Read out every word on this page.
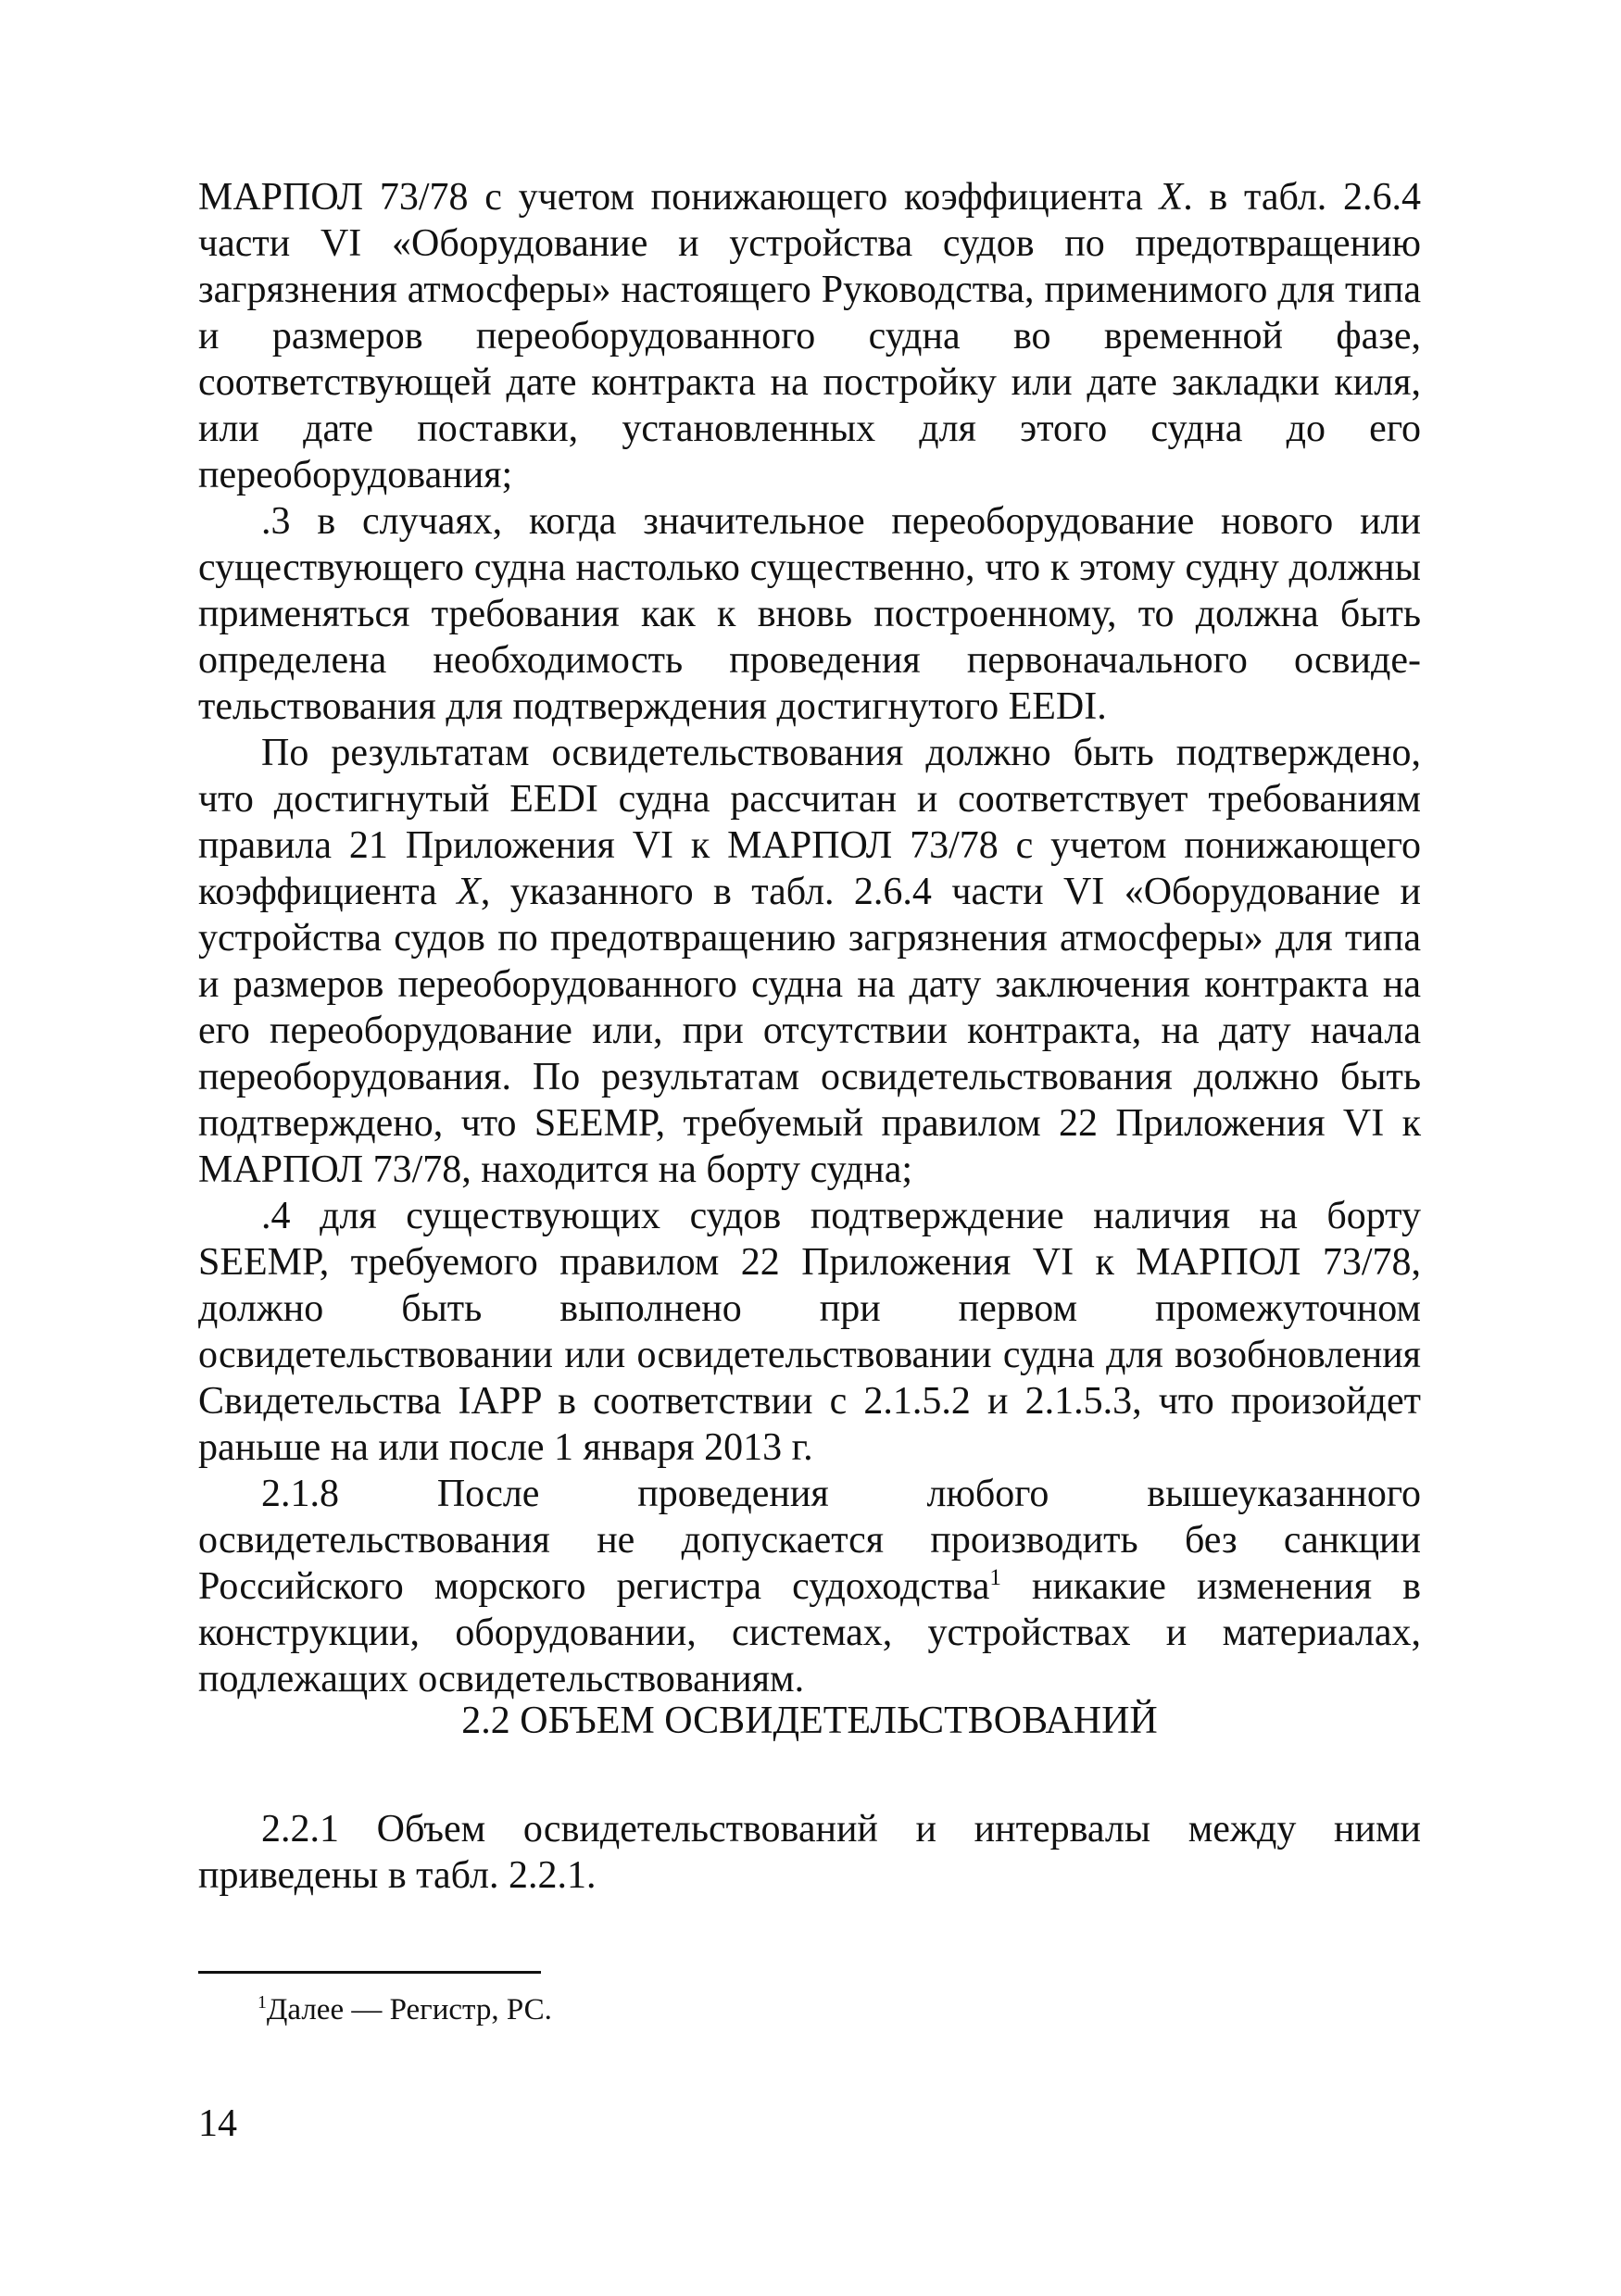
МАРПОЛ 73/78 с учетом понижающего коэффициента X. в табл. 2.6.4 части VI «Оборудование и устройства судов по предотвращению загрязнения атмосферы» настоящего Руководства, применимого для типа и размеров переоборудованного судна во временной фазе, соответствующей дате контракта на постройку или дате закладки киля, или дате поставки, установленных для этого судна до его переоборудования;

.3 в случаях, когда значительное переоборудование нового или существующего судна настолько существенно, что к этому судну должны применяться требования как к вновь построенному, то должна быть определена необходимость проведения первоначального освидетельствования для подтверждения достигнутого EEDI.

По результатам освидетельствования должно быть подтверждено, что достигнутый EEDI судна рассчитан и соответствует требованиям правила 21 Приложения VI к МАРПОЛ 73/78 с учетом понижающего коэффициента X, указанного в табл. 2.6.4 части VI «Оборудование и устройства судов по предотвращению загрязнения атмосферы» для типа и размеров переоборудованного судна на дату заключения контракта на его переоборудование или, при отсутствии контракта, на дату начала переоборудования. По результатам освидетельствования должно быть подтверждено, что SEEMP, требуемый правилом 22 Приложения VI к МАРПОЛ 73/78, находится на борту судна;

.4 для существующих судов подтверждение наличия на борту SEEMP, требуемого правилом 22 Приложения VI к МАРПОЛ 73/78, должно быть выполнено при первом промежуточном освидетельствовании или освидетельствовании судна для возобновления Свидетельства IAPP в соответствии с 2.1.5.2 и 2.1.5.3, что произойдет раньше на или после 1 января 2013 г.

2.1.8 После проведения любого вышеуказанного освидетельствования не допускается производить без санкции Российского морского регистра судоходства$^1$ никакие изменения в конструкции, оборудовании, системах, устройствах и материалах, подлежащих освидетельствованиям.

2.2 ОБЪЕМ ОСВИДЕТЕЛЬСТВОВАНИЙ

2.2.1 Объем освидетельствований и интервалы между ними приведены в табл. 2.2.1.

$^1$Далее — Регистр, РС.
14
